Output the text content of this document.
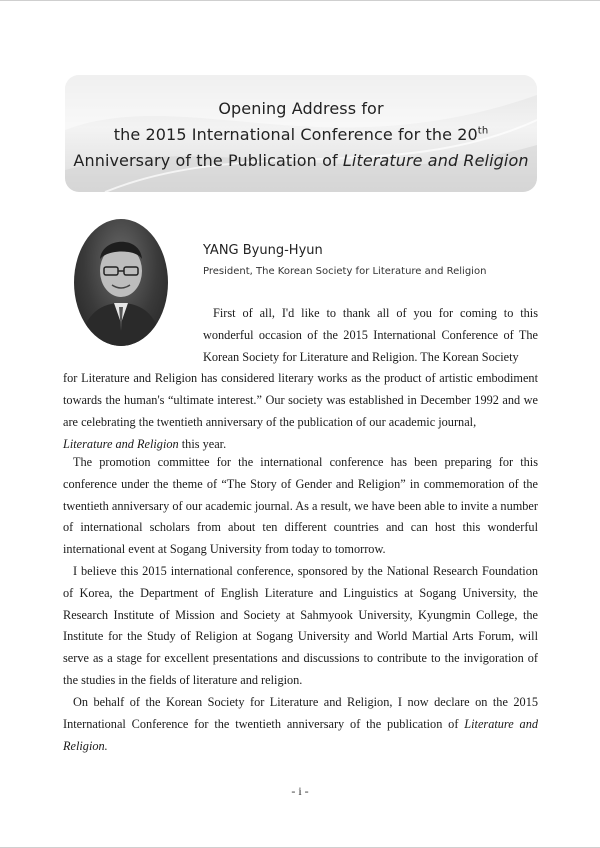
Opening Address for
the 2015 International Conference for the 20th
Anniversary of the Publication of Literature and Religion
YANG Byung-Hyun
President, The Korean Society for Literature and Religion
First of all, I'd like to thank all of you for coming to this wonderful occasion of the 2015 International Conference of The Korean Society for Literature and Religion. The Korean Society
for Literature and Religion has considered literary works as the product of artistic embodiment towards the human's “ultimate interest.” Our society was established in December 1992 and we are celebrating the twentieth anniversary of the publication of our academic journal,
Literature and Religion this year.
The promotion committee for the international conference has been preparing for this conference under the theme of “The Story of Gender and Religion” in commemoration of the twentieth anniversary of our academic journal. As a result, we have been able to invite a number of international scholars from about ten different countries and can host this wonderful international event at Sogang University from today to tomorrow.
I believe this 2015 international conference, sponsored by the National Research Foundation of Korea, the Department of English Literature and Linguistics at Sogang University, the Research Institute of Mission and Society at Sahmyook University, Kyungmin College, the Institute for the Study of Religion at Sogang University and World Martial Arts Forum, will serve as a stage for excellent presentations and discussions to contribute to the invigoration of the studies in the fields of literature and religion.
On behalf of the Korean Society for Literature and Religion, I now declare on the 2015 International Conference for the twentieth anniversary of the publication of Literature and Religion.
- i -
